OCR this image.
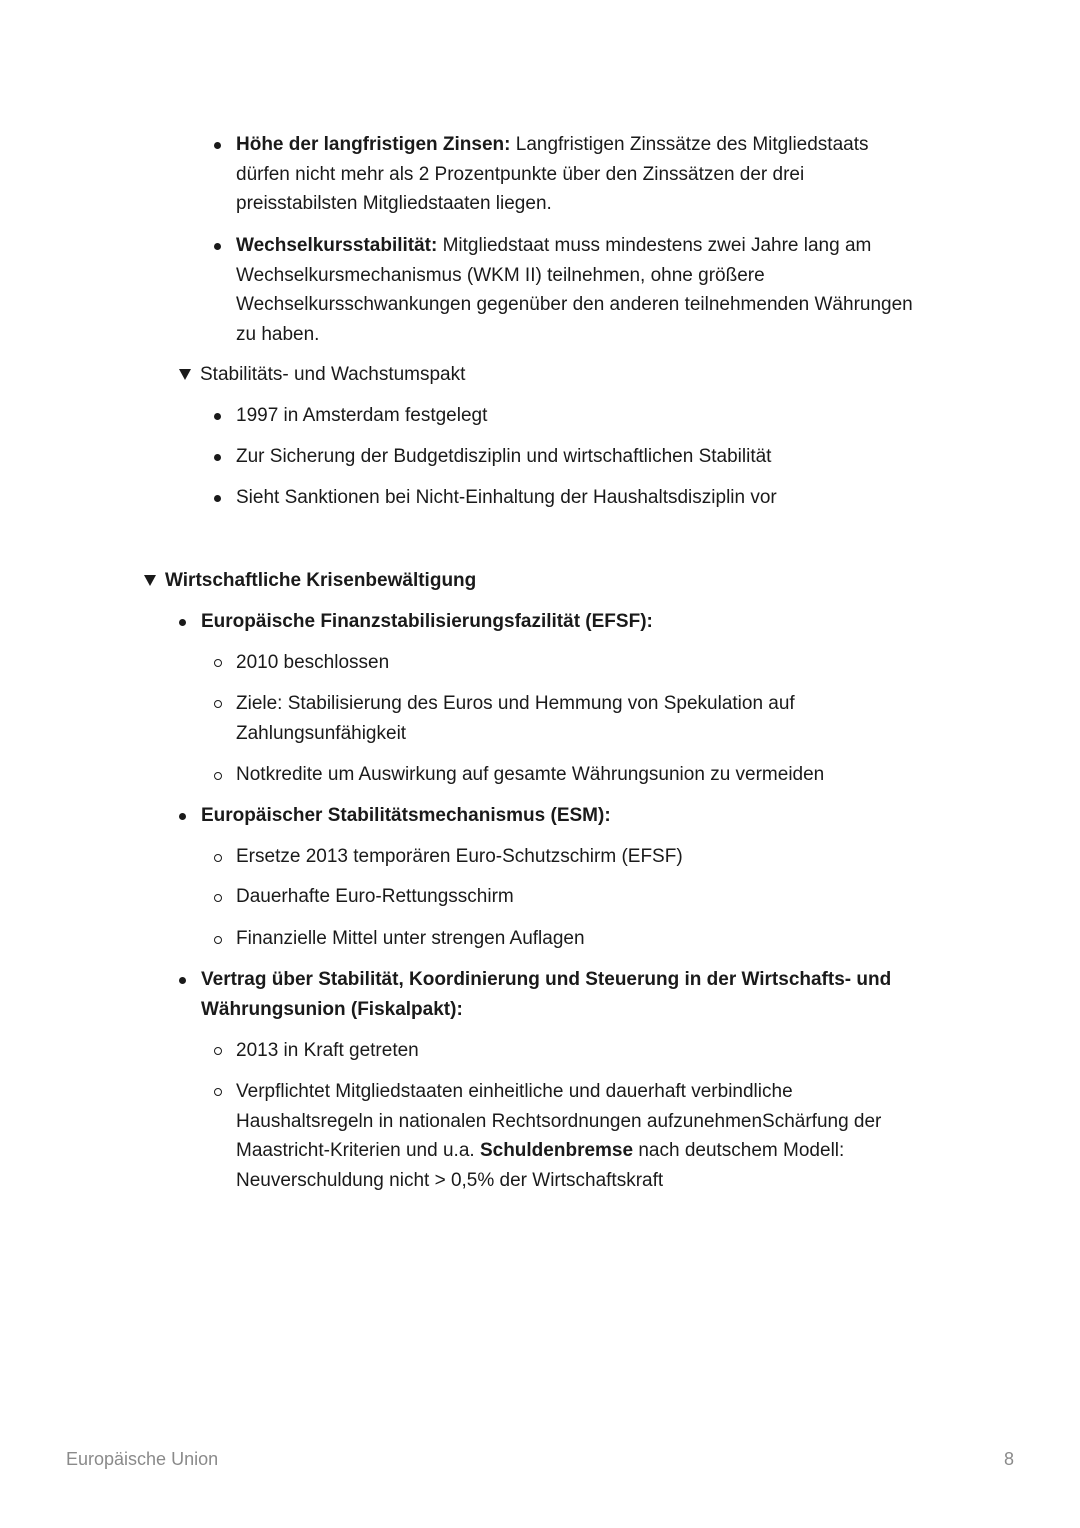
Höhe der langfristigen Zinsen: Langfristigen Zinssätze des Mitgliedstaats
dürfen nicht mehr als 2 Prozentpunkte über den Zinssätzen der drei
preisstabilsten Mitgliedstaaten liegen.
Wechselkursstabilität: Mitgliedstaat muss mindestens zwei Jahre lang am
Wechselkursmechanismus (WKM II) teilnehmen, ohne größere
Wechselkursschwankungen gegenüber den anderen teilnehmenden Währungen
zu haben.
Stabilitäts- und Wachstumspakt
1997 in Amsterdam festgelegt
Zur Sicherung der Budgetdisziplin und wirtschaftlichen Stabilität
Sieht Sanktionen bei Nicht-Einhaltung der Haushaltsdisziplin vor
Wirtschaftliche Krisenbewältigung
Europäische Finanzstabilisierungsfazilität (EFSF):
2010 beschlossen
Ziele: Stabilisierung des Euros und Hemmung von Spekulation auf
Zahlungsunfähigkeit
Notkredite um Auswirkung auf gesamte Währungsunion zu vermeiden
Europäischer Stabilitätsmechanismus (ESM):
Ersetze 2013 temporären Euro-Schutzschirm (EFSF)
Dauerhafte Euro-Rettungsschirm
Finanzielle Mittel unter strengen Auflagen
Vertrag über Stabilität, Koordinierung und Steuerung in der Wirtschafts- und
Währungsunion (Fiskalpakt):
2013 in Kraft getreten
Verpflichtet Mitgliedstaaten einheitliche und dauerhaft verbindliche
Haushaltsregeln in nationalen Rechtsordnungen aufzunehmenSchärfung der
Maastricht-Kriterien und u.a. Schuldenbremse nach deutschem Modell:
Neuverschuldung nicht > 0,5% der Wirtschaftskraft
Europäische Union	8
